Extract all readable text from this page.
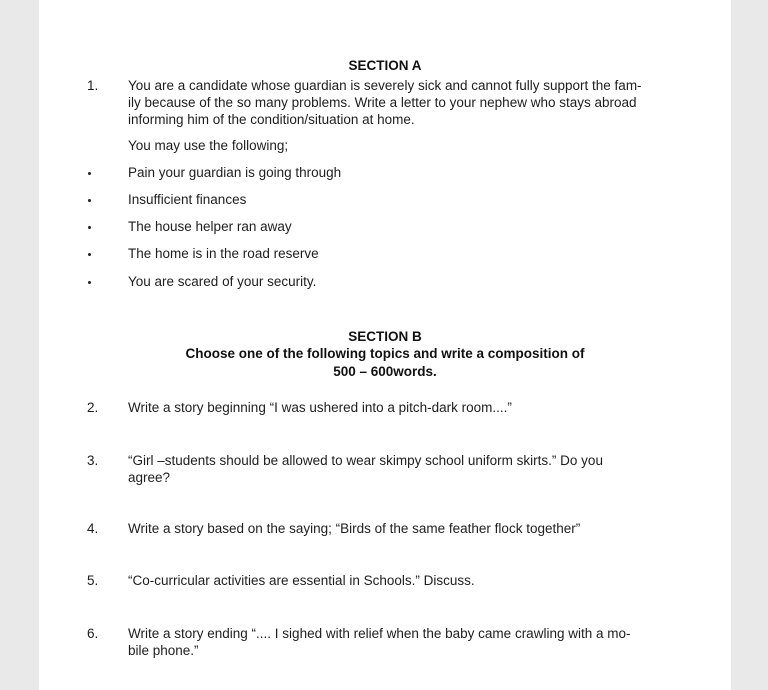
SECTION A
1. You are a candidate whose guardian is severely sick and cannot fully support the fam-
ily because of the so many problems. Write a letter to your nephew who stays abroad
informing him of the condition/situation at home.
You may use the following;
Pain your guardian is going through
Insufficient finances
The house helper ran away
The home is in the road reserve
You are scared of your security.
SECTION B
Choose one of the following topics and write a composition of
500 – 600words.
2. Write a story beginning “I was ushered into a pitch-dark room....”
3. “Girl –students should be allowed to wear skimpy school uniform skirts.” Do you
agree?
4. Write a story based on the saying; “Birds of the same feather flock together”
5. “Co-curricular activities are essential in Schools.” Discuss.
6. Write a story ending “.... I sighed with relief when the baby came crawling with a mo-
bile phone.”
